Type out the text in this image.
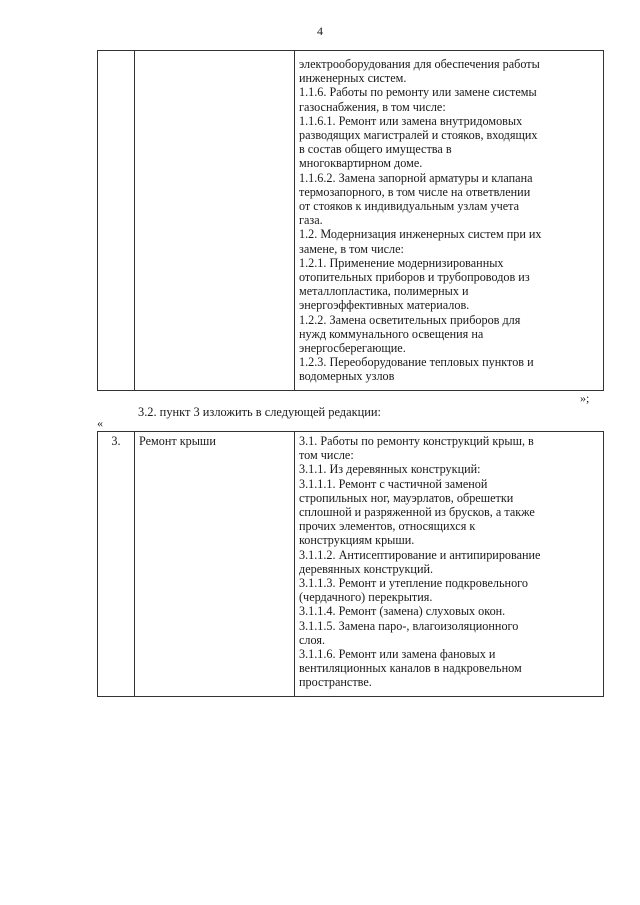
4

электрооборудования для обеспечения работы
инженерных систем.
1.1.6. Работы по ремонту или замене системы
газоснабжения, в том числе:
1.1.6.1. Ремонт или замена внутридомовых
разводящих магистралей и стояков, входящих
в состав общего имущества в
многоквартирном доме.
1.1.6.2. Замена запорной арматуры и клапана
термозапорного, в том числе на ответвлении
от стояков к индивидуальным узлам учета
газа.
1.2. Модернизация инженерных систем при их
замене, в том числе:
1.2.1. Применение модернизированных
отопительных приборов и трубопроводов из
металлопластика, полимерных и
энергоэффективных материалов.
1.2.2. Замена осветительных приборов для
нужд коммунального освещения на
энергосберегающие.
1.2.3. Переоборудование тепловых пунктов и
водомерных узлов
»;
3.2. пункт 3 изложить в следующей редакции:
«
3.	Ремонт крыши	3.1. Работы по ремонту конструкций крыш, в
том числе:
3.1.1. Из деревянных конструкций:
3.1.1.1. Ремонт с частичной заменой
стропильных ног, мауэрлатов, обрешетки
сплошной и разряженной из брусков, а также
прочих элементов, относящихся к
конструкциям крыши.
3.1.1.2. Антисептирование и антипирирование
деревянных конструкций.
3.1.1.3. Ремонт и утепление подкровельного
(чердачного) перекрытия.
3.1.1.4. Ремонт (замена) слуховых окон.
3.1.1.5. Замена паро-, влагоизоляционного
слоя.
3.1.1.6. Ремонт или замена фановых и
вентиляционных каналов в надкровельном
пространстве.
